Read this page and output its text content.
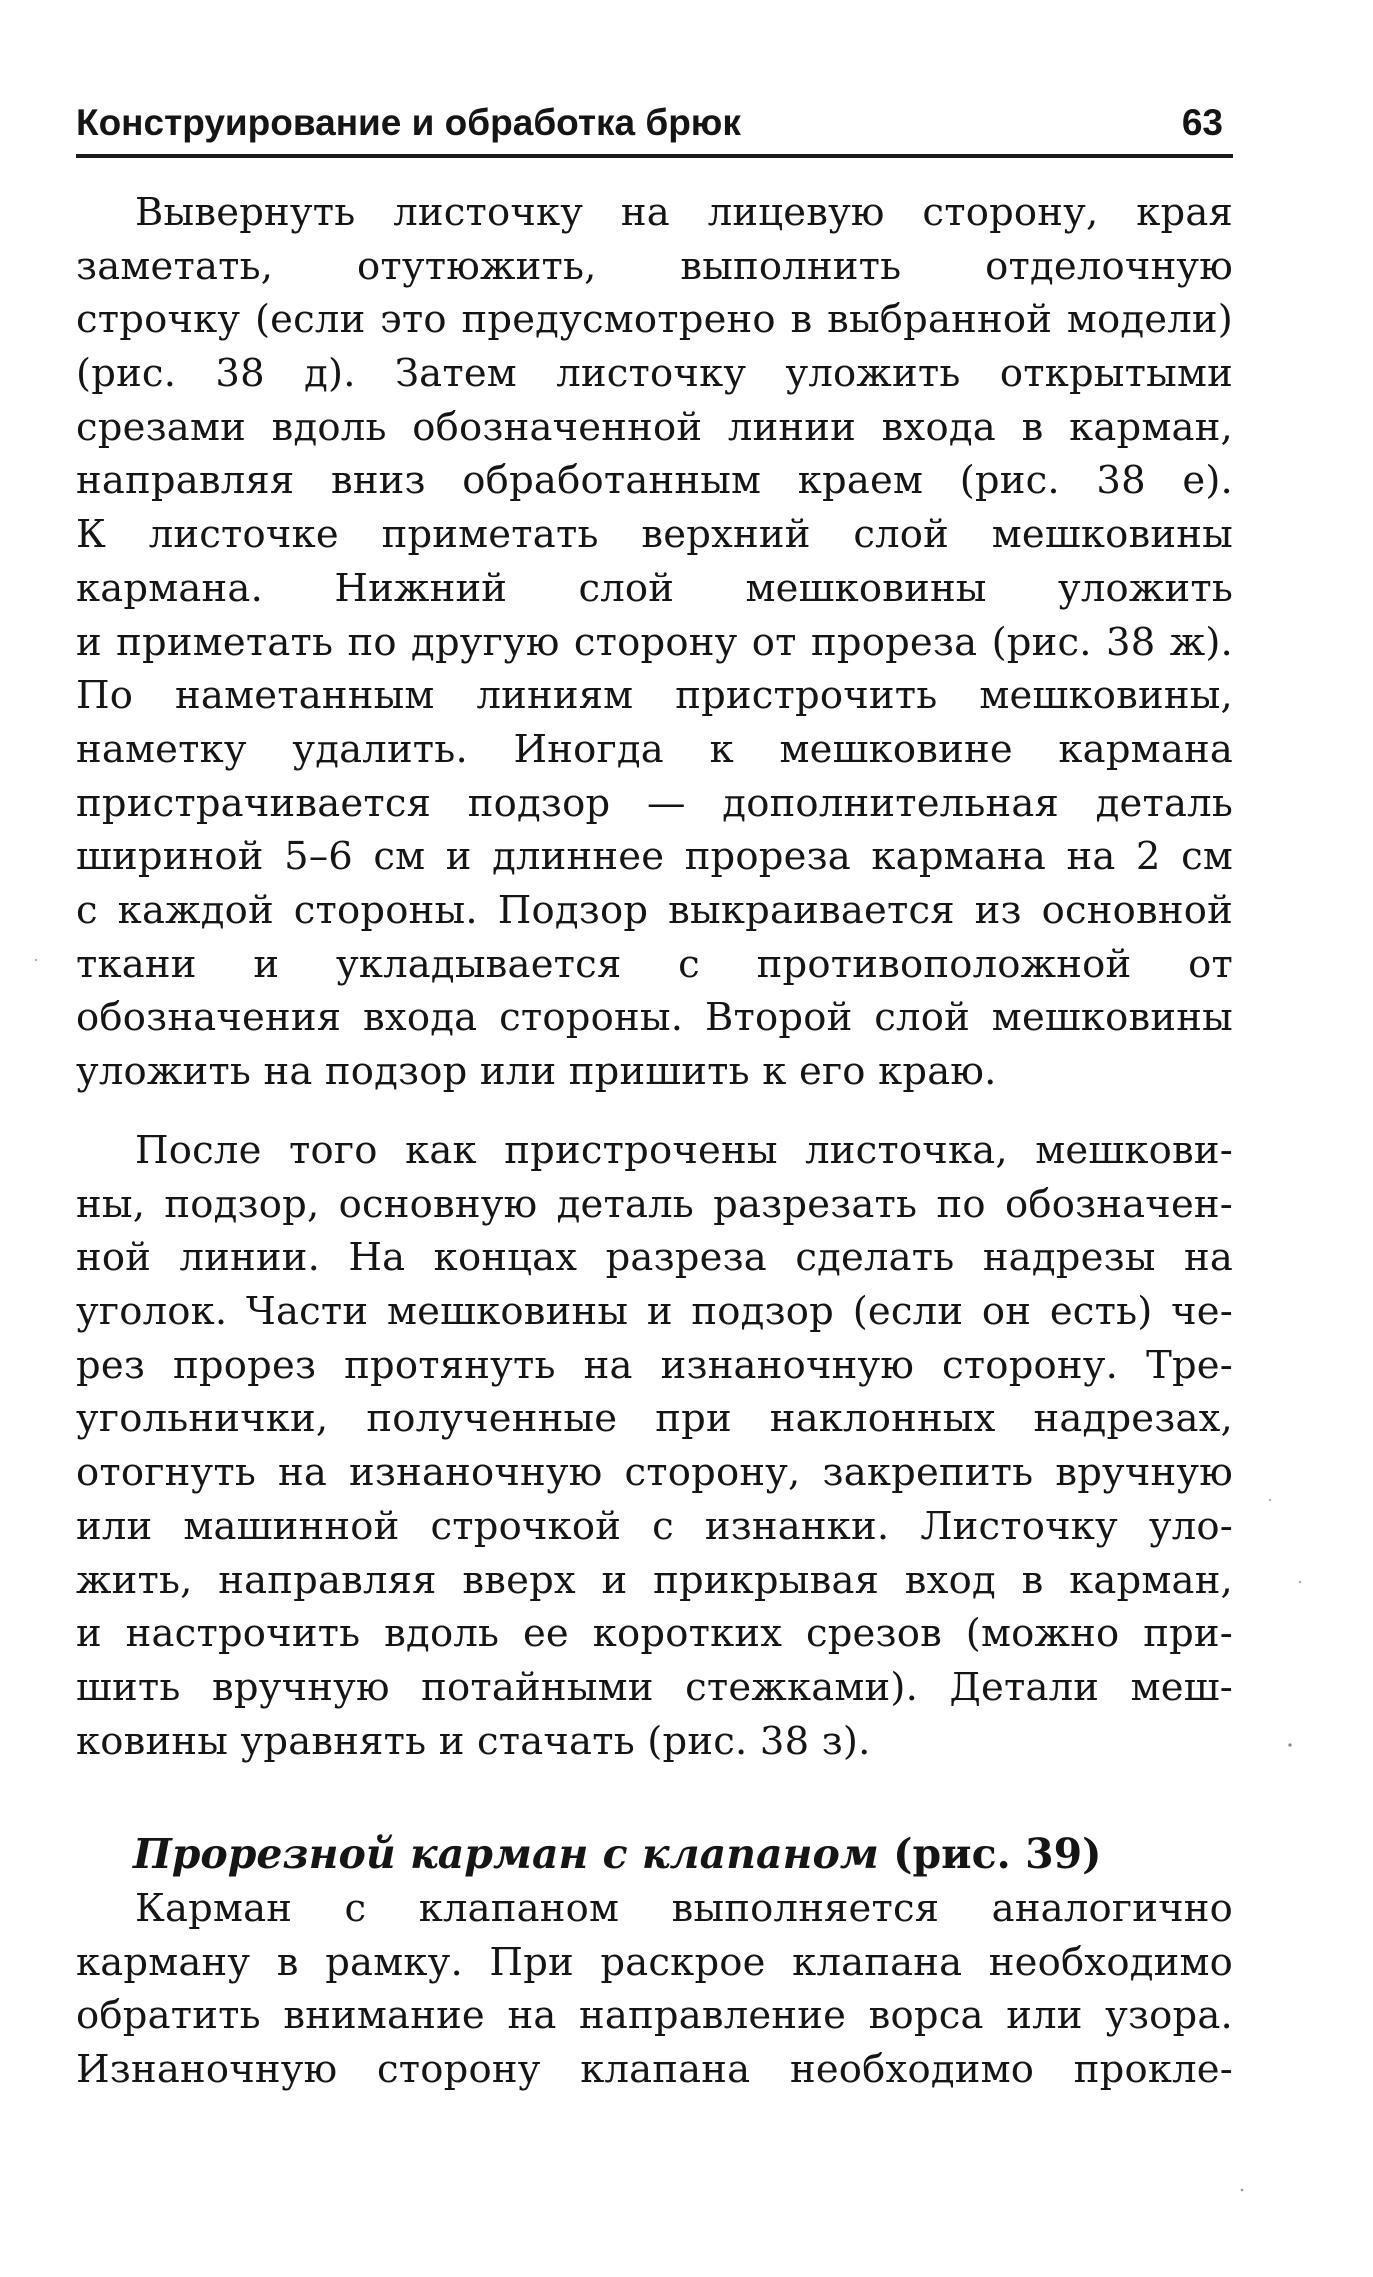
Конструирование и обработка брюк	63
Вывернуть листочку на лицевую сторону, края
заметать, отутюжить, выполнить отделочную
строчку (если это предусмотрено в выбранной модели)
(рис. 38 д). Затем листочку уложить открытыми
срезами вдоль обозначенной линии входа в карман,
направляя вниз обработанным краем (рис. 38 е).
К листочке приметать верхний слой мешковины
кармана. Нижний слой мешковины уложить
и приметать по другую сторону от прореза (рис. 38 ж).
По наметанным линиям пристрочить мешковины,
наметку удалить. Иногда к мешковине кармана
пристрачивается подзор — дополнительная деталь
шириной 5–6 см и длиннее прореза кармана на 2 см
с каждой стороны. Подзор выкраивается из основной
ткани и укладывается с противоположной от
обозначения входа стороны. Второй слой мешковины
уложить на подзор или пришить к его краю.
После того как пристрочены листочка, мешкови-
ны, подзор, основную деталь разрезать по обозначен-
ной линии. На концах разреза сделать надрезы на
уголок. Части мешковины и подзор (если он есть) че-
рез прорез протянуть на изнаночную сторону. Тре-
угольнички, полученные при наклонных надрезах,
отогнуть на изнаночную сторону, закрепить вручную
или машинной строчкой с изнанки. Листочку уло-
жить, направляя вверх и прикрывая вход в карман,
и настрочить вдоль ее коротких срезов (можно при-
шить вручную потайными стежками). Детали меш-
ковины уравнять и стачать (рис. 38 з).
Прорезной карман с клапаном (рис. 39)
Карман с клапаном выполняется аналогично
карману в рамку. При раскрое клапана необходимо
обратить внимание на направление ворса или узора.
Изнаночную сторону клапана необходимо прокле-
